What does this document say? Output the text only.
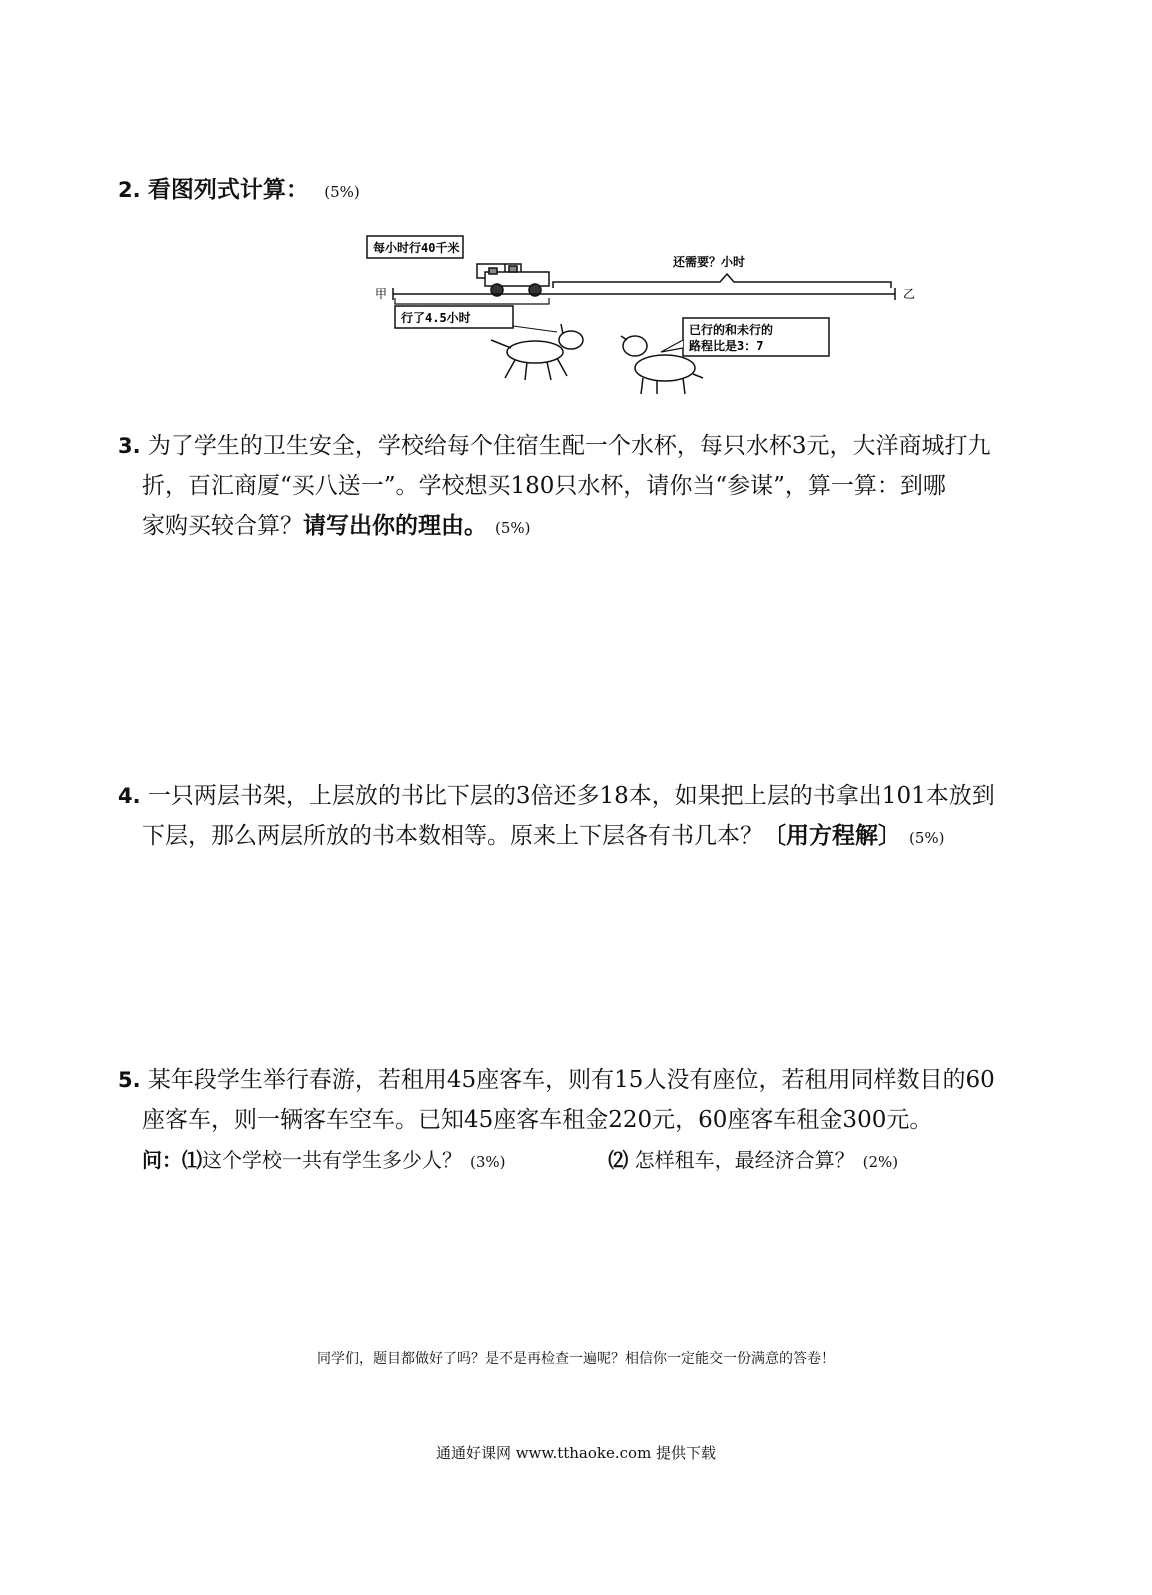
2. 看图列式计算： (5%)
每小时行40千米
甲	乙
还需要？小时
行了4.5小时
已行的和未行的
路程比是3：7
3. 为了学生的卫生安全，学校给每个住宿生配一个水杯，每只水杯3元，大洋商城打九
折，百汇商厦“买八送一”。学校想买180只水杯，请你当“参谋”，算一算：到哪
家购买较合算？请写出你的理由。 (5%)
4. 一只两层书架，上层放的书比下层的3倍还多18本，如果把上层的书拿出101本放到
下层，那么两层所放的书本数相等。原来上下层各有书几本？〔用方程解〕 (5%)
5. 某年段学生举行春游，若租用45座客车，则有15人没有座位，若租用同样数目的60
座客车，则一辆客车空车。已知45座客车租金220元，60座客车租金300元。
问：⑴这个学校一共有学生多少人？ (3%)	⑵ 怎样租车，最经济合算？ (2%)
同学们，题目都做好了吗？是不是再检查一遍呢？相信你一定能交一份满意的答卷！
通通好课网 www.tthaoke.com 提供下载
